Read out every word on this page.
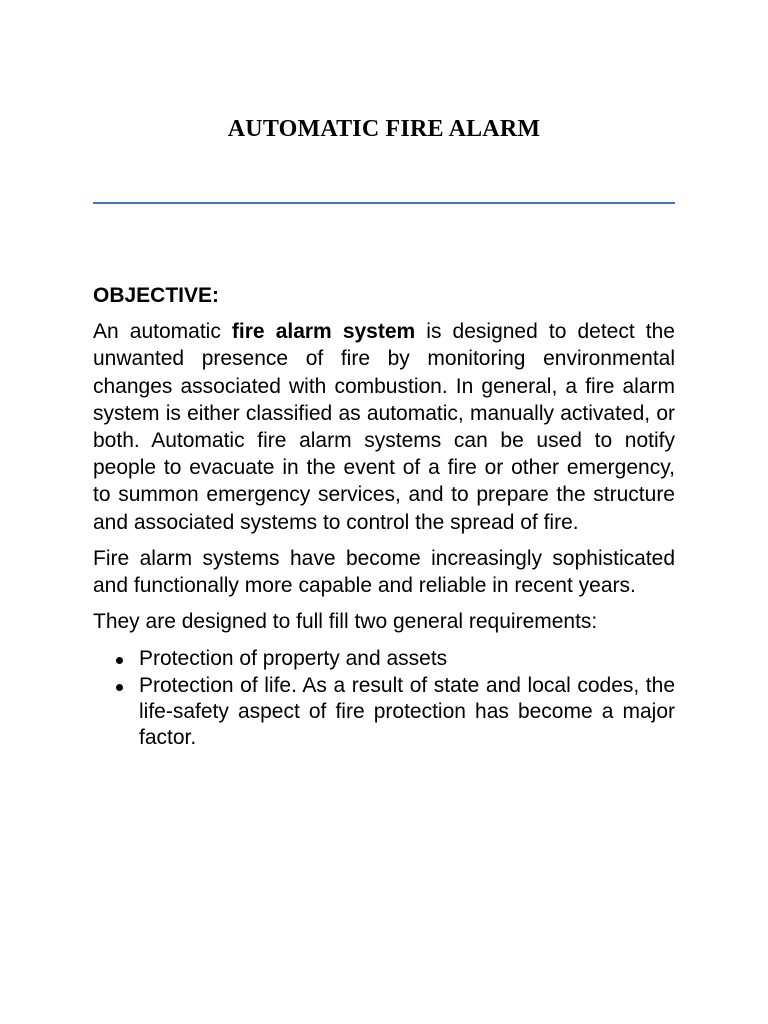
AUTOMATIC FIRE ALARM
OBJECTIVE:

An automatic fire alarm system is designed to detect the unwanted presence of fire by monitoring environmental changes associated with combustion. In general, a fire alarm system is either classified as automatic, manually activated, or both. Automatic fire alarm systems can be used to notify people to evacuate in the event of a fire or other emergency, to summon emergency services, and to prepare the structure and associated systems to control the spread of fire.

Fire alarm systems have become increasingly sophisticated and functionally more capable and reliable in recent years.

They are designed to full fill two general requirements:

Protection of property and assets
Protection of life. As a result of state and local codes, the life-safety aspect of fire protection has become a major factor.
